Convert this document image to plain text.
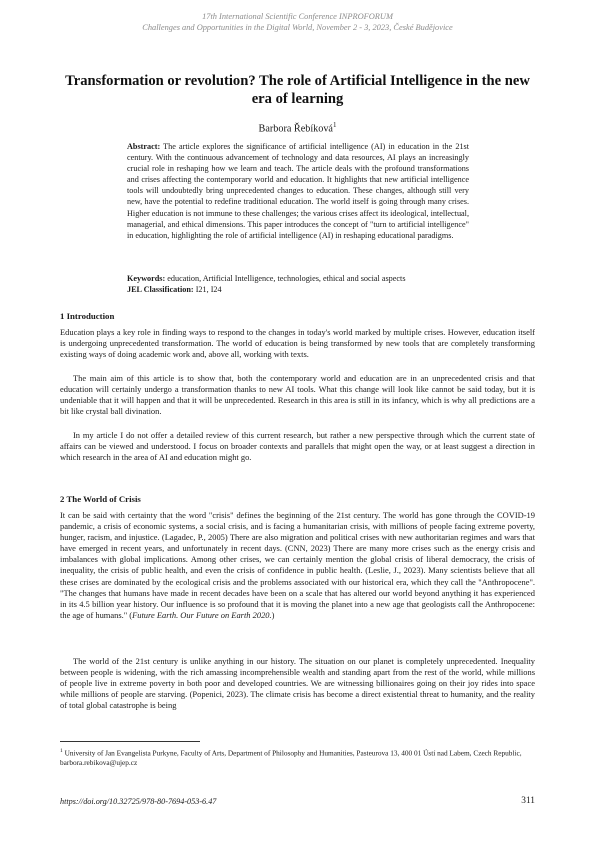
17th International Scientific Conference INPROFORUM
Challenges and Opportunities in the Digital World, November 2 - 3, 2023, České Budějovice
Transformation or revolution? The role of Artificial Intelligence in the new era of learning
Barbora Řebíková$^1$

Abstract: The article explores the significance of artificial intelligence (AI) in education in the 21st century. With the continuous advancement of technology and data resources, AI plays an increasingly crucial role in reshaping how we learn and teach. The article deals with the profound transformations and crises affecting the contemporary world and education. It highlights that new artificial intelligence tools will undoubtedly bring unprecedented changes to education. These changes, although still very new, have the potential to redefine traditional education. The world itself is going through many crises. Higher education is not immune to these challenges; the various crises affect its ideological, intellectual, managerial, and ethical dimensions. This paper introduces the concept of "turn to artificial intelligence" in education, highlighting the role of artificial intelligence (AI) in reshaping educational paradigms.

Keywords: education, Artificial Intelligence, technologies, ethical and social aspects

JEL Classification: I21, I24

1 Introduction

Education plays a key role in finding ways to respond to the changes in today's world marked by multiple crises. However, education itself is undergoing unprecedented transformation. The world of education is being transformed by new tools that are completely transforming existing ways of doing academic work and, above all, working with texts.

The main aim of this article is to show that, both the contemporary world and education are in an unprecedented crisis and that education will certainly undergo a transformation thanks to new AI tools. What this change will look like cannot be said today, but it is undeniable that it will happen and that it will be unprecedented. Research in this area is still in its infancy, which is why all predictions are a bit like crystal ball divination.

In my article I do not offer a detailed review of this current research, but rather a new perspective through which the current state of affairs can be viewed and understood. I focus on broader contexts and parallels that might open the way, or at least suggest a direction in which research in the area of AI and education might go.

2 The World of Crisis

It can be said with certainty that the word "crisis" defines the beginning of the 21st century. The world has gone through the COVID-19 pandemic, a crisis of economic systems, a social crisis, and is facing a humanitarian crisis, with millions of people facing extreme poverty, hunger, racism, and injustice. (Lagadec, P., 2005) There are also migration and political crises with new authoritarian regimes and wars that have emerged in recent years, and unfortunately in recent days. (CNN, 2023) There are many more crises such as the energy crisis and imbalances with global implications. Among other crises, we can certainly mention the global crisis of liberal democracy, the crisis of inequality, the crisis of public health, and even the crisis of confidence in public health. (Leslie, J., 2023). Many scientists believe that all these crises are dominated by the ecological crisis and the problems associated with our historical era, which they call the "Anthropocene". "The changes that humans have made in recent decades have been on a scale that has altered our world beyond anything it has experienced in its 4.5 billion year history. Our influence is so profound that it is moving the planet into a new age that geologists call the Anthropocene: the age of humans." (Future Earth. Our Future on Earth 2020.)

The world of the 21st century is unlike anything in our history. The situation on our planet is completely unprecedented. Inequality between people is widening, with the rich amassing incomprehensible wealth and standing apart from the rest of the world, while millions of people live in extreme poverty in both poor and developed countries. We are witnessing billionaires going on their joy rides into space while millions of people are starving. (Popenici, 2023). The climate crisis has become a direct existential threat to humanity, and the reality of total global catastrophe is being

$^1$ University of Jan Evangelista Purkyne, Faculty of Arts, Department of Philosophy and Humanities, Pasteurova 13, 400 01 Ústí nad Labem, Czech Republic, barbora.rebikova@ujep.cz

https://doi.org/10.32725/978-80-7694-053-6.47	311
